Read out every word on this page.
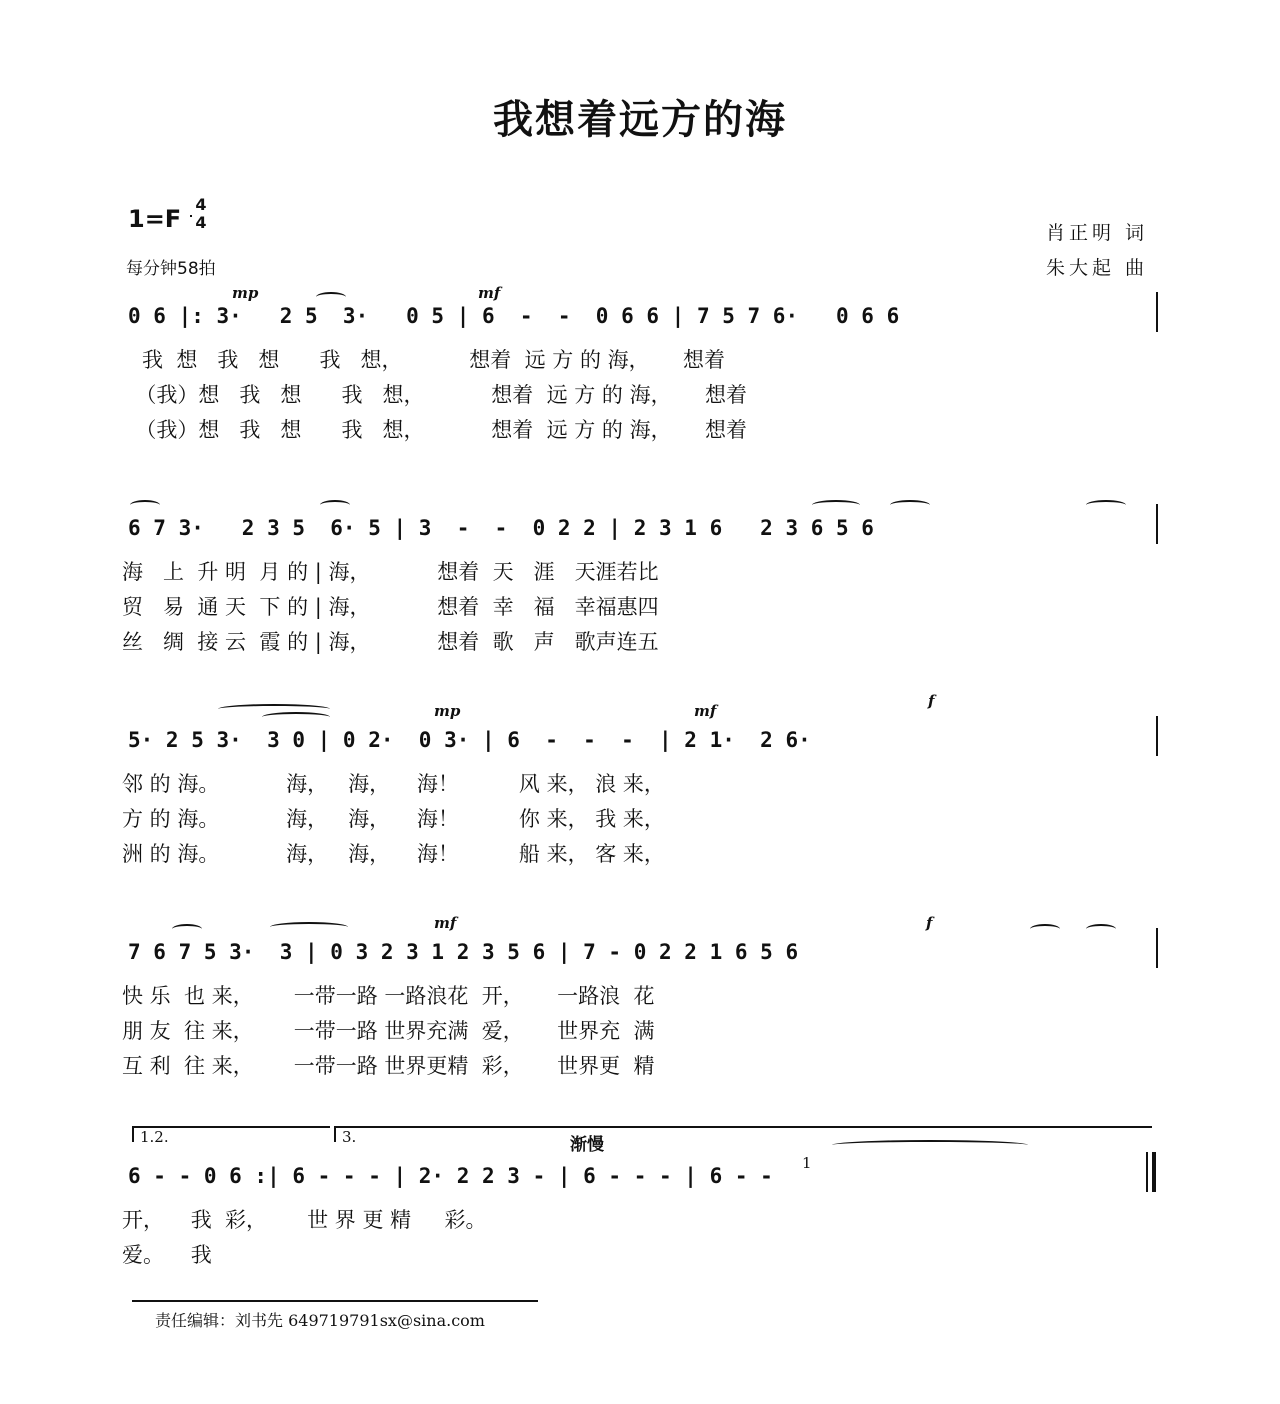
我想着远方的海
1=F
4
4
每分钟58拍
肖正明 词
朱大起 曲
mp	mf
0 6 |: 3·   2 5  3·   0 5 | 6  -  -  0 6 6 | 7 5 7 6·   0 6 6
我  想   我   想      我   想，          想着  远 方 的 海，     想着
（我）想   我   想      我   想，          想着  远 方 的 海，     想着
（我）想   我   想      我   想，          想着  远 方 的 海，     想着
6 7 3·   2 3 5  6· 5 | 3  -  -  0 2 2 | 2 3 1 6   2 3 6 5 6
海   上  升 明  月 的 | 海，          想着  天   涯   天涯若比
贸   易  通 天  下 的 | 海，          想着  幸   福   幸福惠四
丝   绸  接 云  霞 的 | 海，          想着  歌   声   歌声连五
mp	mf
f
5· 2 5 3·  3 0 | 0 2·  0 3· | 6  -  -  -  | 2 1·  2 6·
邻 的 海。          海，   海，    海！         风 来， 浪 来，
方 的 海。          海，   海，    海！         你 来， 我 来，
洲 的 海。          海，   海，    海！         船 来， 客 来，
mf	f
7 6 7 5 3·  3 | 0 3 2 3 1 2 3 5 6 | 7 - 0 2 2 1 6 5 6
快 乐  也 来，      一带一路 一路浪花  开，     一路浪  花
朋 友  往 来，      一带一路 世界充满  爱，     世界充  满
互 利  往 来，      一带一路 世界更精  彩，     世界更  精
1.2.	3.	渐慢
1
6 - - 0 6 :| 6 - - - | 2· 2 2 3 - | 6 - - - | 6 - -
开，    我  彩，      世 界 更 精     彩。
爱。    我
责任编辑：刘书先 649719791sx@sina.com
